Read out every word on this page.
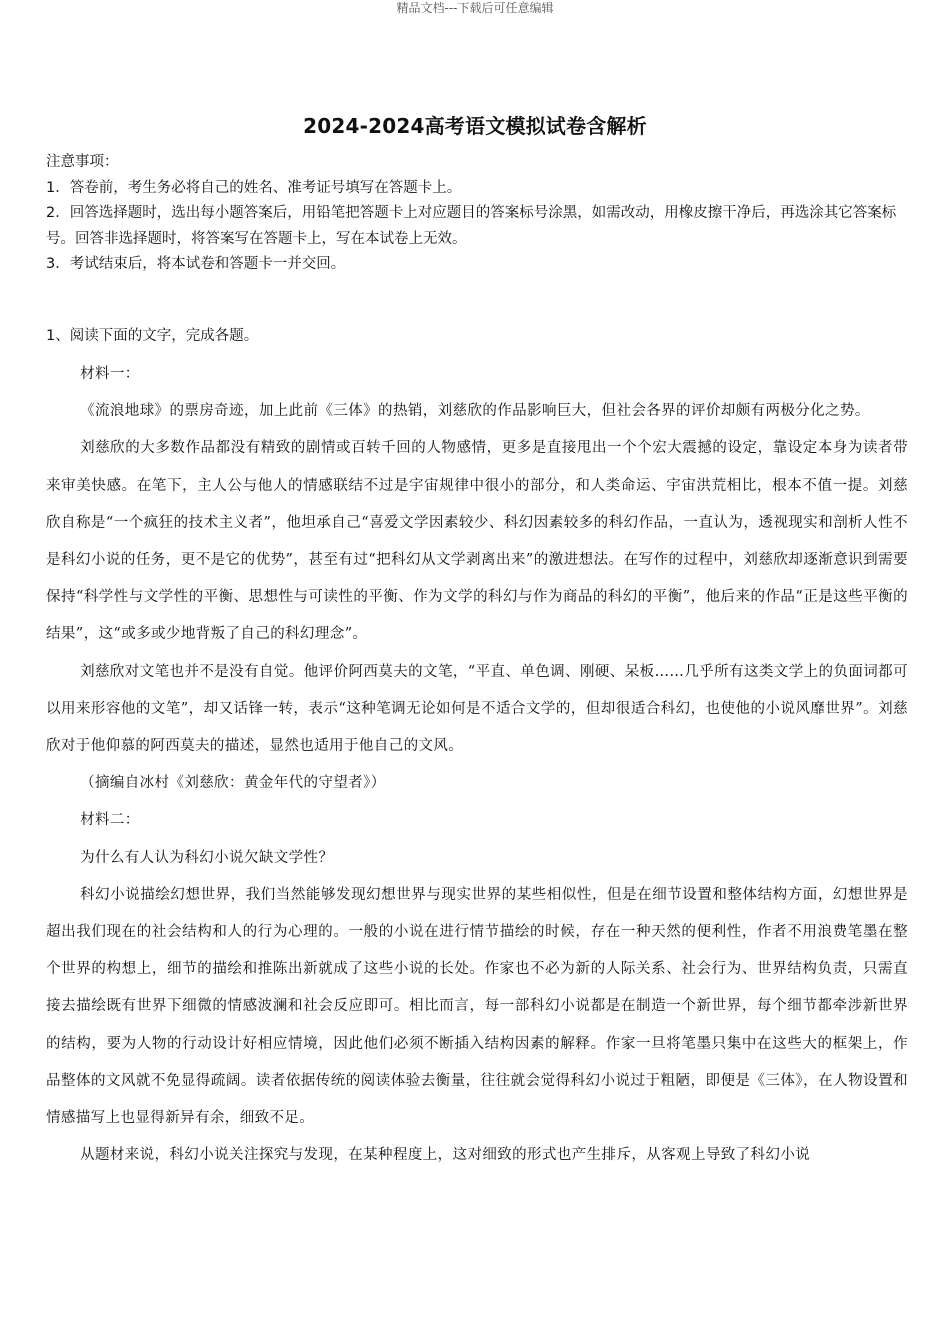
精品文档---下载后可任意编辑
2024-2024高考语文模拟试卷含解析

注意事项：

1．答卷前，考生务必将自己的姓名、准考证号填写在答题卡上。

2．回答选择题时，选出每小题答案后，用铅笔把答题卡上对应题目的答案标号涂黑，如需改动，用橡皮擦干净后，再选涂其它答案标号。回答非选择题时，将答案写在答题卡上，写在本试卷上无效。

3．考试结束后，将本试卷和答题卡一并交回。

1、阅读下面的文字，完成各题。

材料一：

《流浪地球》的票房奇迹，加上此前《三体》的热销，刘慈欣的作品影响巨大，但社会各界的评价却颇有两极分化之势。

刘慈欣的大多数作品都没有精致的剧情或百转千回的人物感情，更多是直接甩出一个个宏大震撼的设定，靠设定本身为读者带来审美快感。在笔下，主人公与他人的情感联结不过是宇宙规律中很小的部分，和人类命运、宇宙洪荒相比，根本不值一提。刘慈欣自称是“一个疯狂的技术主义者”，他坦承自己“喜爱文学因素较少、科幻因素较多的科幻作品，一直认为，透视现实和剖析人性不是科幻小说的任务，更不是它的优势”，甚至有过“把科幻从文学剥离出来”的激进想法。在写作的过程中，刘慈欣却逐渐意识到需要保持“科学性与文学性的平衡、思想性与可读性的平衡、作为文学的科幻与作为商品的科幻的平衡”，他后来的作品“正是这些平衡的结果”，这“或多或少地背叛了自己的科幻理念”。

刘慈欣对文笔也并不是没有自觉。他评价阿西莫夫的文笔，“平直、单色调、刚硬、呆板……几乎所有这类文学上的负面词都可以用来形容他的文笔”，却又话锋一转，表示“这种笔调无论如何是不适合文学的，但却很适合科幻，也使他的小说风靡世界”。刘慈欣对于他仰慕的阿西莫夫的描述，显然也适用于他自己的文风。

（摘编自冰村《刘慈欣：黄金年代的守望者》）

材料二：

为什么有人认为科幻小说欠缺文学性？

科幻小说描绘幻想世界，我们当然能够发现幻想世界与现实世界的某些相似性，但是在细节设置和整体结构方面，幻想世界是超出我们现在的社会结构和人的行为心理的。一般的小说在进行情节描绘的时候，存在一种天然的便利性，作者不用浪费笔墨在整个世界的构想上，细节的描绘和推陈出新就成了这些小说的长处。作家也不必为新的人际关系、社会行为、世界结构负责，只需直接去描绘既有世界下细微的情感波澜和社会反应即可。相比而言，每一部科幻小说都是在制造一个新世界，每个细节都牵涉新世界的结构，要为人物的行动设计好相应情境，因此他们必须不断插入结构因素的解释。作家一旦将笔墨只集中在这些大的框架上，作品整体的文风就不免显得疏阔。读者依据传统的阅读体验去衡量，往往就会觉得科幻小说过于粗陋，即便是《三体》，在人物设置和情感描写上也显得新异有余，细致不足。

从题材来说，科幻小说关注探究与发现，在某种程度上，这对细致的形式也产生排斥，从客观上导致了科幻小说
